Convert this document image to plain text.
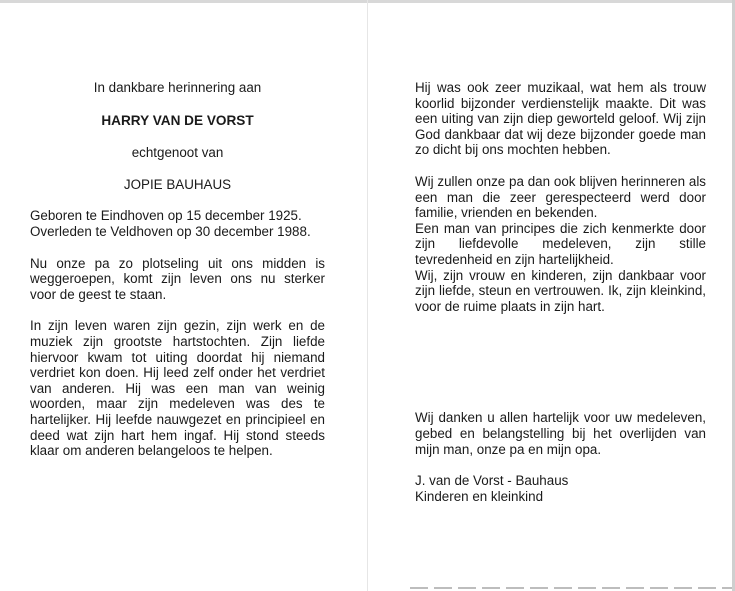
In dankbare herinnering aan

HARRY VAN DE VORST

echtgenoot van

JOPIE BAUHAUS

Geboren te Eindhoven op 15 december 1925.

Overleden te Veldhoven op 30 december 1988.

Nu onze pa zo plotseling uit ons midden is weggeroepen, komt zijn leven ons nu sterker voor de geest te staan.

In zijn leven waren zijn gezin, zijn werk en de muziek zijn grootste hartstochten. Zijn liefde hiervoor kwam tot uiting doordat hij niemand verdriet kon doen. Hij leed zelf onder het verdriet van anderen. Hij was een man van weinig woorden, maar zijn medeleven was des te hartelijker. Hij leefde nauwgezet en principieel en deed wat zijn hart hem ingaf. Hij stond steeds klaar om anderen belangeloos te helpen.

Hij was ook zeer muzikaal, wat hem als trouw koorlid bijzonder verdienstelijk maakte. Dit was een uiting van zijn diep geworteld geloof. Wij zijn God dankbaar dat wij deze bijzonder goede man zo dicht bij ons mochten hebben.

Wij zullen onze pa dan ook blijven herinneren als een man die zeer gerespecteerd werd door familie, vrienden en bekenden.

Een man van principes die zich kenmerkte door zijn liefdevolle medeleven, zijn stille tevredenheid en zijn hartelijkheid.

Wij, zijn vrouw en kinderen, zijn dankbaar voor zijn liefde, steun en vertrouwen. Ik, zijn kleinkind, voor de ruime plaats in zijn hart.

Wij danken u allen hartelijk voor uw medeleven, gebed en belangstelling bij het overlijden van mijn man, onze pa en mijn opa.

J. van de Vorst - Bauhaus

Kinderen en kleinkind
